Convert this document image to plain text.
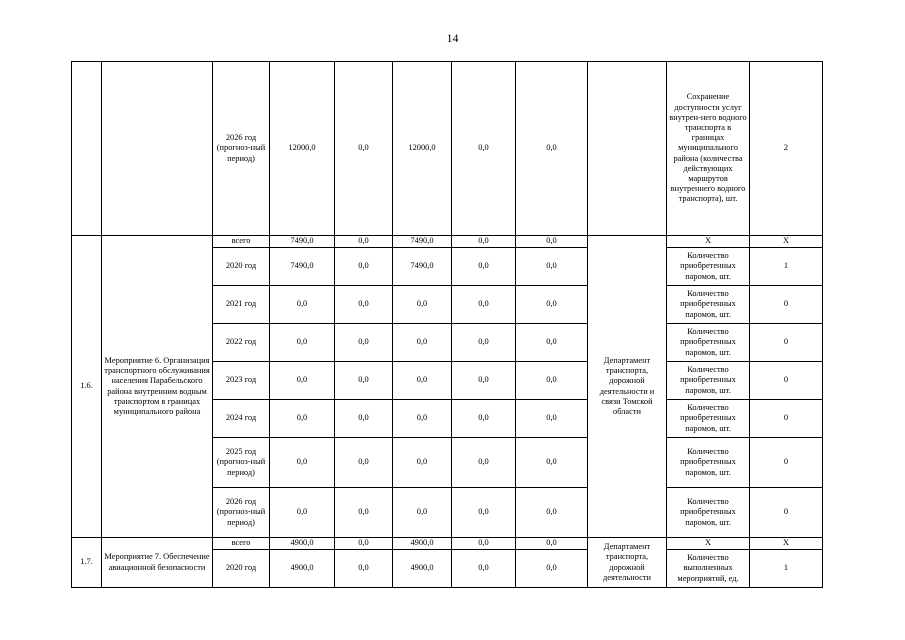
14
		2026 год (прогноз-ный период)	12000,0	0,0	12000,0	0,0	0,0		Сохранение доступности услуг внутрен-него водного транспорта в границах муниципального района (количества действующих маршрутов внутреннего водного транспорта), шт.	2
1.6.	Мероприятие 6. Организация транспортного обслуживания населения Парабельского района внутренним водным транспортом в границах муниципального района	всего	7490,0	0,0	7490,0	0,0	0,0	Департамент транспорта, дорожной деятельности и связи Томской области	X	X
		2020 год	7490,0	0,0	7490,0	0,0	0,0		Количество приобретенных паромов, шт.	1
		2021 год	0,0	0,0	0,0	0,0	0,0		Количество приобретенных паромов, шт.	0
		2022 год	0,0	0,0	0,0	0,0	0,0		Количество приобретенных паромов, шт.	0
		2023 год	0,0	0,0	0,0	0,0	0,0		Количество приобретенных паромов, шт.	0
		2024 год	0,0	0,0	0,0	0,0	0,0		Количество приобретенных паромов, шт.	0
		2025 год (прогноз-ный период)	0,0	0,0	0,0	0,0	0,0		Количество приобретенных паромов, шт.	0
		2026 год (прогноз-ный период)	0,0	0,0	0,0	0,0	0,0		Количество приобретенных паромов, шт.	0
1.7.	Мероприятие 7. Обеспечение авиационной безопасности	всего	4900,0	0,0	4900,0	0,0	0,0	Департамент транспорта, дорожной деятельности	X	X
		2020 год	4900,0	0,0	4900,0	0,0	0,0		Количество выполненных мероприятий, ед.	1
